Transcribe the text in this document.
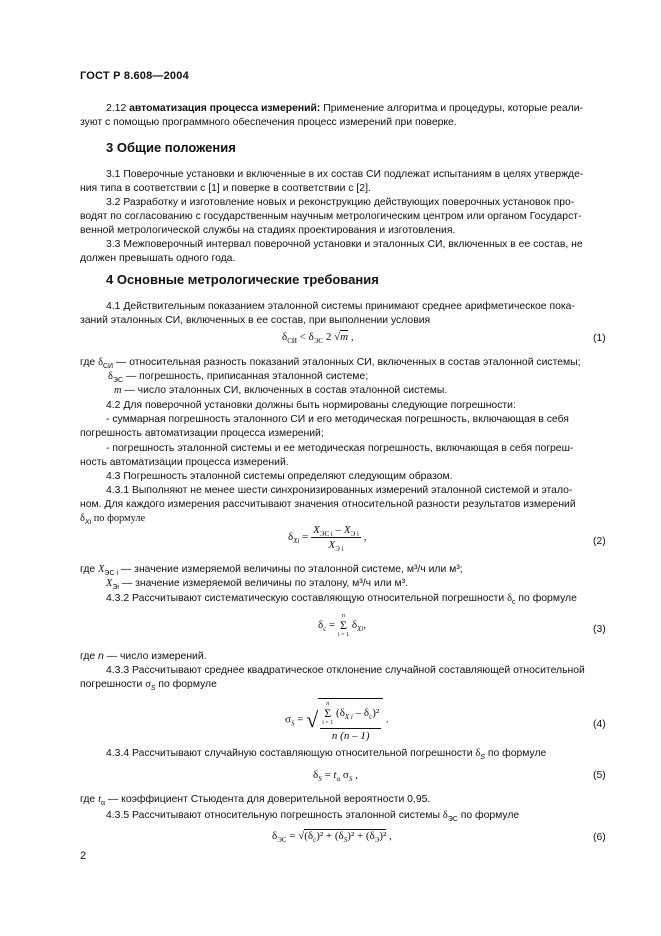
ГОСТ Р 8.608—2004
2.12 автоматизация процесса измерений: Применение алгоритма и процедуры, которые реали-
зуют с помощью программного обеспечения процесс измерений при поверке.
3 Общие положения
3.1 Поверочные установки и включенные в их состав СИ подлежат испытаниям в целях утвержде-
ния типа в соответствии с [1] и поверке в соответствии с [2].
3.2 Разработку и изготовление новых и реконструкцию действующих поверочных установок про-
водят по согласованию с государственным научным метрологическим центром или органом Государст-
венной метрологической службы на стадиях проектирования и изготовления.
3.3 Межповерочный интервал поверочной установки и эталонных СИ, включенных в ее состав, не
должен превышать одного года.
4 Основные метрологические требования
4.1 Действительным показанием эталонной системы принимают среднее арифметическое пока-
заний эталонных СИ, включенных в ее состав, при выполнении условия
$\delta_{СИ} < \delta_{ЭС}$ 2 √m ,	(1)
где $\delta_{СИ}$ — относительная разность показаний эталонных СИ, включенных в состав эталонной системы;
$\delta_{ЭС}$ — погрешность, приписанная эталонной системе;
m — число эталонных СИ, включенных в состав эталонной системы.
4.2 Для поверочной установки должны быть нормированы следующие погрешности:
- суммарная погрешность эталонного СИ и его методическая погрешность, включающая в себя
погрешность автоматизации процесса измерений;
- погрешность эталонной системы и ее методическая погрешность, включающая в себя погреш-
ность автоматизации процесса измерений.
4.3 Погрешность эталонной системы определяют следующим образом.
4.3.1 Выполняют не менее шести синхронизированных измерений эталонной системой и этало-
ном. Для каждого измерения рассчитывают значения относительной разности результатов измерений
$\delta_{Xi}$ по формуле
$\delta_{Xi} = \frac{X_{ЭС i} - X_{Э i}}{X_{Э i}}$ ,	(2)
где $X_{ЭС i}$ — значение измеряемой величины по эталонной системе, м³/ч или м³;
$X_{Эi}$ — значение измеряемой величины по эталону, м³/ч или м³.
4.3.2 Рассчитывают систематическую составляющую относительной погрешности $\delta_c$ по формуле
$\delta_c$ =
n
Σ
i = 1
$\delta_{Xi}$,	(3)
где n — число измерений.
4.3.3 Рассчитывают среднее квадратическое отклонение случайной составляющей относительной
погрешности $\sigma_S$ по формуле
$\sigma_S$ = √ n
Σ
i = 1
$(\delta_{X i} - \delta_c)^2$
n (n – 1) .	(4)
4.3.4 Рассчитывают случайную составляющую относительной погрешности $\delta_S$ по формуле
$\delta_S = t_\alpha$ $\sigma_S$ ,	(5)
где $t_\alpha$ — коэффициент Стьюдента для доверительной вероятности 0,95.
4.3.5 Рассчитывают относительную погрешность эталонной системы $\delta_{ЭС}$ по формуле
$\delta_{ЭС} = √(\delta_c)^2 + (\delta_S)^2 + (\delta_Э)^2$ ,	(6)
2
